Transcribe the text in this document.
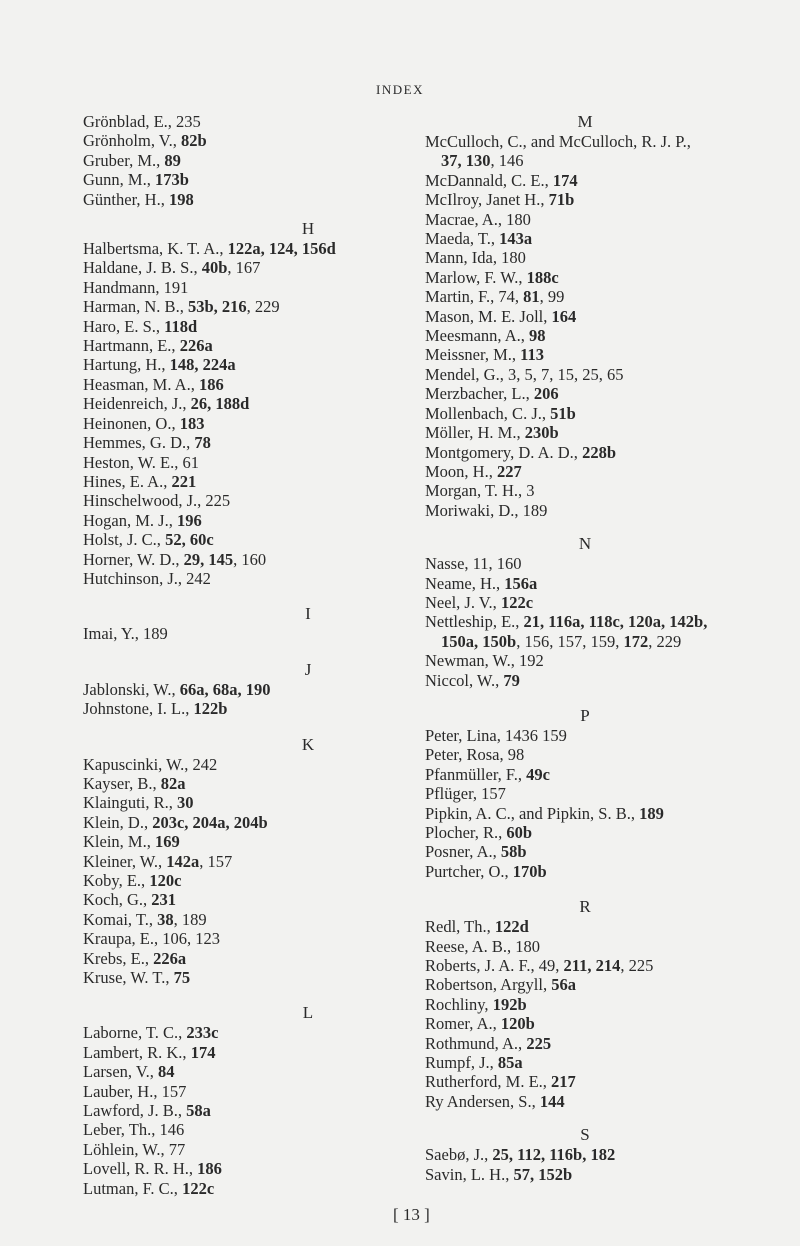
INDEX
Grönblad, E., 235
Grönholm, V., 82b
Gruber, M., 89
Gunn, M., 173b
Günther, H., 198
H
Halbertsma, K. T. A., 122a, 124, 156d
Haldane, J. B. S., 40b, 167
Handmann, 191
Harman, N. B., 53b, 216, 229
Haro, E. S., 118d
Hartmann, E., 226a
Hartung, H., 148, 224a
Heasman, M. A., 186
Heidenreich, J., 26, 188d
Heinonen, O., 183
Hemmes, G. D., 78
Heston, W. E., 61
Hines, E. A., 221
Hinschelwood, J., 225
Hogan, M. J., 196
Holst, J. C., 52, 60c
Horner, W. D., 29, 145, 160
Hutchinson, J., 242
I
Imai, Y., 189
J
Jablonski, W., 66a, 68a, 190
Johnstone, I. L., 122b
K
Kapuscinki, W., 242
Kayser, B., 82a
Klainguti, R., 30
Klein, D., 203c, 204a, 204b
Klein, M., 169
Kleiner, W., 142a, 157
Koby, E., 120c
Koch, G., 231
Komai, T., 38, 189
Kraupa, E., 106, 123
Krebs, E., 226a
Kruse, W. T., 75
L
Laborne, T. C., 233c
Lambert, R. K., 174
Larsen, V., 84
Lauber, H., 157
Lawford, J. B., 58a
Leber, Th., 146
Löhlein, W., 77
Lovell, R. R. H., 186
Lutman, F. C., 122c
M
McCulloch, C., and McCulloch, R. J. P.,
37, 130, 146
McDannald, C. E., 174
McIlroy, Janet H., 71b
Macrae, A., 180
Maeda, T., 143a
Mann, Ida, 180
Marlow, F. W., 188c
Martin, F., 74, 81, 99
Mason, M. E. Joll, 164
Meesmann, A., 98
Meissner, M., 113
Mendel, G., 3, 5, 7, 15, 25, 65
Merzbacher, L., 206
Mollenbach, C. J., 51b
Möller, H. M., 230b
Montgomery, D. A. D., 228b
Moon, H., 227
Morgan, T. H., 3
Moriwaki, D., 189
N
Nasse, 11, 160
Neame, H., 156a
Neel, J. V., 122c
Nettleship, E., 21, 116a, 118c, 120a, 142b,
150a, 150b, 156, 157, 159, 172, 229
Newman, W., 192
Niccol, W., 79
P
Peter, Lina, 1436 159
Peter, Rosa, 98
Pfanmüller, F., 49c
Pflüger, 157
Pipkin, A. C., and Pipkin, S. B., 189
Plocher, R., 60b
Posner, A., 58b
Purtcher, O., 170b
R
Redl, Th., 122d
Reese, A. B., 180
Roberts, J. A. F., 49, 211, 214, 225
Robertson, Argyll, 56a
Rochliny, 192b
Romer, A., 120b
Rothmund, A., 225
Rumpf, J., 85a
Rutherford, M. E., 217
Ry Andersen, S., 144
S
Saebø, J., 25, 112, 116b, 182
Savin, L. H., 57, 152b
[ 13 ]
